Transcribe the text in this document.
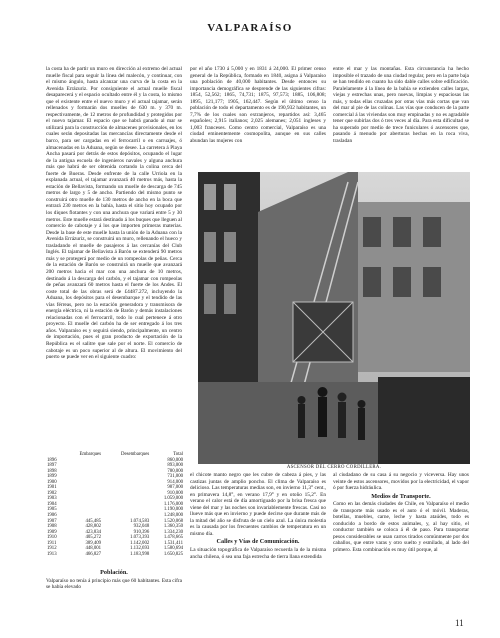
VALPARAÍSO

la costa ha de partir un muro en dirección al extremo del actual muelle fiscal para seguir la línea del malecón, y continuar, con el mismo ángulo, hasta alcanzar una curva de la costa en la Avenida Errázuriz. Por consiguiente el actual muelle fiscal desaparecerá y el espacio ocultado entre él y la costa, lo mismo que el existente entre el nuevo muro y el actual tajamar, serán rellenados y formarán dos muelles de 630 m. y 370 m. respectivamente, de 12 metros de profundidad y protegidos por el nuevo tajamar. El espacio que se habrá ganado al mar se utilizará para la construcción de almacenes provisionales, en los cuales serán depositadas las mercancías directamente desde el barco, para ser cargadas en el ferrocarril o en carruajes, ó almacenadas en la Aduana, según se desee. La carretera á Playa Ancha pasará por detrás de estos depósitos, ocupando el lugar de la antigua escuela de ingenieros navales y alguna anchura más que habrá de ser obtenida cortando la colina cerca del fuerte de Bueras. Desde enfrente de la calle Urriola en la explanada actual, el tajamar avanzará 40 metros más, hasta la estación de Bellavista, formando un muelle de descarga de 745 metros de largo y 5 de ancho. Partiendo del mismo punto se construirá otro muelle de 130 metros de ancho en la boca que entrará 230 metros en la bahía, hasta el sitio hoy ocupado por los diques flotantes y con una anchura que variará entre 5 y 30 metros. Este muelle estará destinado á los buques que lleguen al comercio de cabotaje y á los que importen primeras materias. Desde la base de este muelle hasta la unión de la Aduana con la Avenida Errázuriz, se construirá un muro, rellenando el hueco y trasladando el muelle de pasajeros á las cercanías del Club Inglés. El tajamar de Bellavista á Barón se extenderá 90 metros más y se protegerá por medio de un rompeolas de peñas. Cerca de la estación de Barón se construirá un muelle que avanzará 200 metros hacia el mar con una anchura de 10 metros, destinado á la descarga del carbón, y el tajamar con rompeolas de peñas avanzará 60 metros hasta el fuerte de los Andes. El coste total de las obras será de £4487.272, incluyendo la Aduana, los depósitos para el desembarque y el tendido de las vías férreas, pero no la estación generadora y transmisora de energía eléctrica, ni la estación de Barón y demás instalaciones relacionadas con el ferrocarril, todo lo cual pertenece á otro proyecto. El muelle del carbón ha de ser entregado á los tres años. Valparaíso es y seguirá siendo, principalmente, un centro de importación, pues el gran producto de exportación de la República es el salitre que sale por el norte. El comercio de cabotaje es un poco superior al de altura. El movimiento del puerto se puede ver en el siguiente cuadro:

por el año 1730 á 5,000 y en 1831 á 24,000. El primer censo general de la República, formado en 1840, asigna á Valparaíso una población de 40,000 habitantes. Desde entonces su importancia demográfica se desprende de las siguientes cifras: 1854, 52,562; 1865, 74,731; 1875, 97,573; 1885, 106,808; 1895, 121,177; 1905, 162,447. Según el último censo la población de todo el departamento es de 190,932 habitantes, un 7,7% de los cuales son extranjeros, repartidos así: 3,465 españoles; 2,915 italianos; 2,025 alemanes; 2,051 ingleses y 1,003 franceses. Como centro comercial, Valparaíso es una ciudad eminentemente cosmopolita, aunque en sus calles abundan las mujeres con

entre el mar y las montañas. Esta circunstancia ha hecho imposible el trazado de una ciudad regular, pero en la parte baja se han tendido en cuanto ha sido dable calles sobre edificación. Paralelamente á la línea de la bahía se extienden calles largas, viejas y estrechas unas, pero nuevas, limpias y espaciosas las más, y todas ellas cruzadas por otras vías más cortas que van del mar al pie de las colinas. Las vías que conducen de la parte comercial á las viviendas son muy empinadas y no es agradable tener que subirlas dos ó tres veces al día. Para esta dificultad se ha superado por medio de trece funiculares ó ascensores que, pasando á menudo por aberturas hechas en la roca viva, trasladan

ASCENSOR DEL CERRO CORDILLERA.
	Embarques	Desembarques	Total
1896			860,000
1897			893,000
1898			780,000
1899			731,000
1900			914,000
1901			987,000
1902			910,000
1903			1.059,000
1904			1.176,000
1905			1.190,000
1906			1.248,000
1907	445,485	1.074,583	1.520,068
1908	428,802	932,048	1.360,350
1909	423,834	910,396	1.334,230
1910	405,272	1.073,393	1.478,665
1911	389,409	1.142,002	1.531,411
1912	448,001	1.132,693	1.580,694
1913	466,827	1.183,998	1.650,825
Población.

Valparaíso no tenía á principio más que 60 habitantes. Esta cifra se había elevado

el chicote manto negro que les cubre de cabeza á pies, y las castizas juntas de amplio poncho. El clima de Valparaíso es delicioso. Las temperaturas medias son, en invierno 11,3° cent., en primavera 14,8°, en verano 17,9° y en otoño 15,2°. En verano el calor está de día amortiguado por la brisa fresca que viene del mar y las noches son invariablemente frescas. Casi no llueve más que en invierno y puede decirse que durante más de la mitad del año se disfruta de un cielo azul. La única molestia es la causada por los frecuentes cambios de temperatura en un mismo día.

Calles y Vías de Comunicación.

La situación topográfica de Valparaíso recuerda la de la misma ancha chilena, ó sea una faja estrecha de tierra llana extendida

al ciudadano de su casa á su negocio y viceversa. Hay unos veinte de estos ascensores, movidos por la electricidad, el vapor ó por fuerza hidráulica.

Medios de Transporte.

Como en las demás ciudades de Chile, en Valparaíso el medio de transporte más usado es el auto ó el móvil. Maderas, botellas, muebles, carne, leche y hasta ataúdes, todo es conducido a bordo de estos animales, y, al hay sitio, el conductor también se coloca á él de paso. Para transportar pesos considerables se usan carros tirados comúnmente por dos caballos, que entre varas y otro suelto y esmilado, al lado del primero. Esta combinación es muy útil porque, al

11
